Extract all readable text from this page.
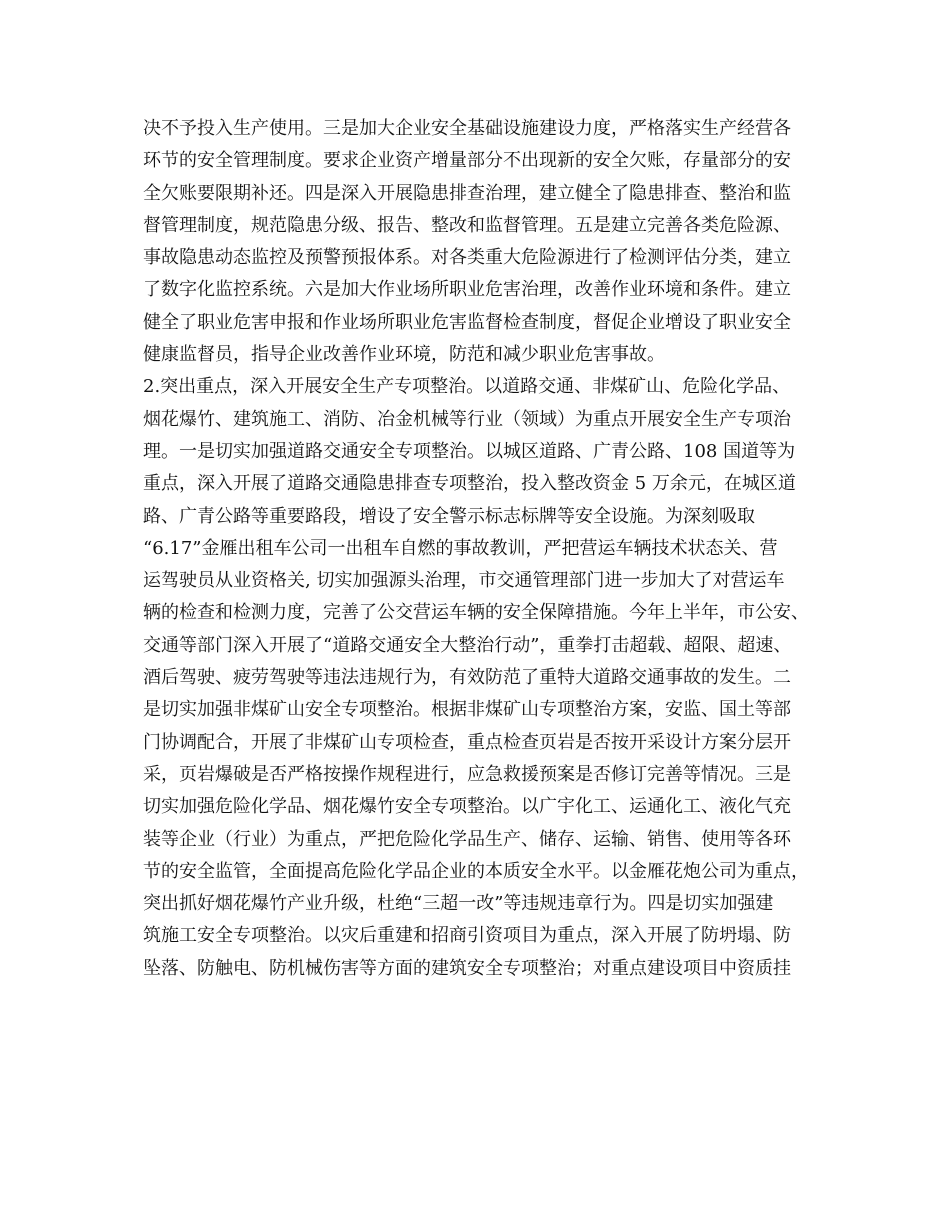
决不予投入生产使用。三是加大企业安全基础设施建设力度，严格落实生产经营各
环节的安全管理制度。要求企业资产增量部分不出现新的安全欠账，存量部分的安
全欠账要限期补还。四是深入开展隐患排查治理，建立健全了隐患排查、整治和监
督管理制度，规范隐患分级、报告、整改和监督管理。五是建立完善各类危险源、
事故隐患动态监控及预警预报体系。对各类重大危险源进行了检测评估分类，建立
了数字化监控系统。六是加大作业场所职业危害治理，改善作业环境和条件。建立
健全了职业危害申报和作业场所职业危害监督检查制度，督促企业增设了职业安全
健康监督员，指导企业改善作业环境，防范和减少职业危害事故。
2.突出重点，深入开展安全生产专项整治。以道路交通、非煤矿山、危险化学品、
烟花爆竹、建筑施工、消防、冶金机械等行业（领域）为重点开展安全生产专项治
理。一是切实加强道路交通安全专项整治。以城区道路、广青公路、108 国道等为
重点，深入开展了道路交通隐患排查专项整治，投入整改资金 5 万余元，在城区道
路、广青公路等重要路段，增设了安全警示标志标牌等安全设施。为深刻吸取
“6.17”金雁出租车公司一出租车自燃的事故教训，严把营运车辆技术状态关、营
运驾驶员从业资格关, 切实加强源头治理，市交通管理部门进一步加大了对营运车
辆的检查和检测力度，完善了公交营运车辆的安全保障措施。今年上半年，市公安、
交通等部门深入开展了“道路交通安全大整治行动”，重拳打击超载、超限、超速、
酒后驾驶、疲劳驾驶等违法违规行为，有效防范了重特大道路交通事故的发生。二
是切实加强非煤矿山安全专项整治。根据非煤矿山专项整治方案，安监、国土等部
门协调配合，开展了非煤矿山专项检查，重点检查页岩是否按开采设计方案分层开
采，页岩爆破是否严格按操作规程进行，应急救援预案是否修订完善等情况。三是
切实加强危险化学品、烟花爆竹安全专项整治。以广宇化工、运通化工、液化气充
装等企业（行业）为重点，严把危险化学品生产、储存、运输、销售、使用等各环
节的安全监管，全面提高危险化学品企业的本质安全水平。以金雁花炮公司为重点，
突出抓好烟花爆竹产业升级，杜绝“三超一改”等违规违章行为。四是切实加强建
筑施工安全专项整治。以灾后重建和招商引资项目为重点，深入开展了防坍塌、防
坠落、防触电、防机械伤害等方面的建筑安全专项整治；对重点建设项目中资质挂
